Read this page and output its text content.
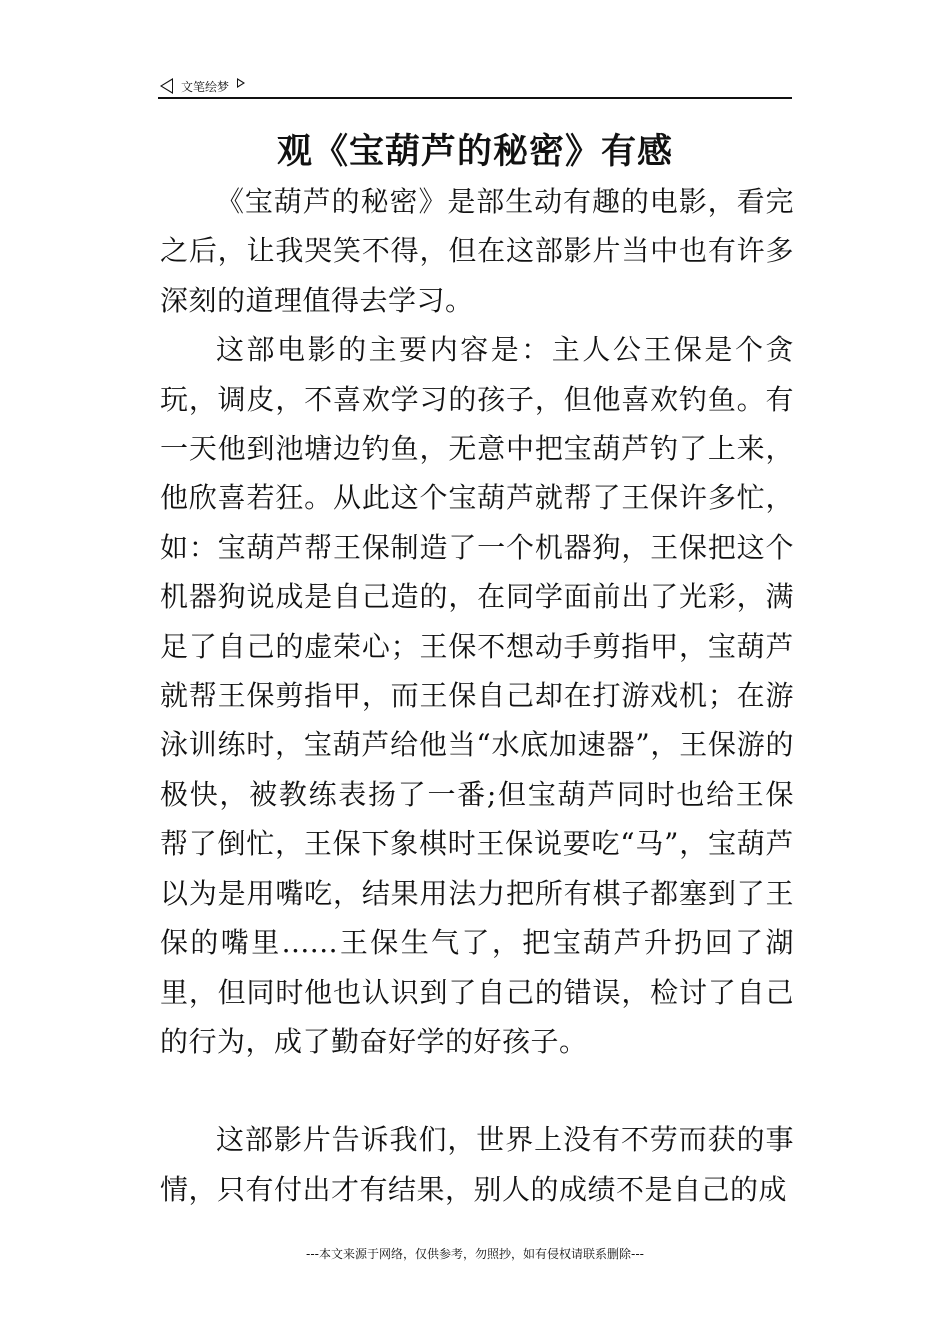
文笔绘梦
观《宝葫芦的秘密》有感

《宝葫芦的秘密》是部生动有趣的电影，看完之后，让我哭笑不得，但在这部影片当中也有许多深刻的道理值得去学习。

这部电影的主要内容是：主人公王保是个贪玩，调皮，不喜欢学习的孩子，但他喜欢钓鱼。有一天他到池塘边钓鱼，无意中把宝葫芦钓了上来，他欣喜若狂。从此这个宝葫芦就帮了王保许多忙，如：宝葫芦帮王保制造了一个机器狗，王保把这个机器狗说成是自己造的，在同学面前出了光彩，满足了自己的虚荣心；王保不想动手剪指甲，宝葫芦就帮王保剪指甲，而王保自己却在打游戏机；在游泳训练时，宝葫芦给他当“水底加速器”，王保游的极快，被教练表扬了一番;但宝葫芦同时也给王保帮了倒忙，王保下象棋时王保说要吃“马”，宝葫芦以为是用嘴吃，结果用法力把所有棋子都塞到了王保的嘴里......王保生气了，把宝葫芦升扔回了湖里，但同时他也认识到了自己的错误，检讨了自己的行为，成了勤奋好学的好孩子。

这部影片告诉我们，世界上没有不劳而获的事情，只有付出才有结果，别人的成绩不是自己的成

---本文来源于网络，仅供参考，勿照抄，如有侵权请联系删除---
